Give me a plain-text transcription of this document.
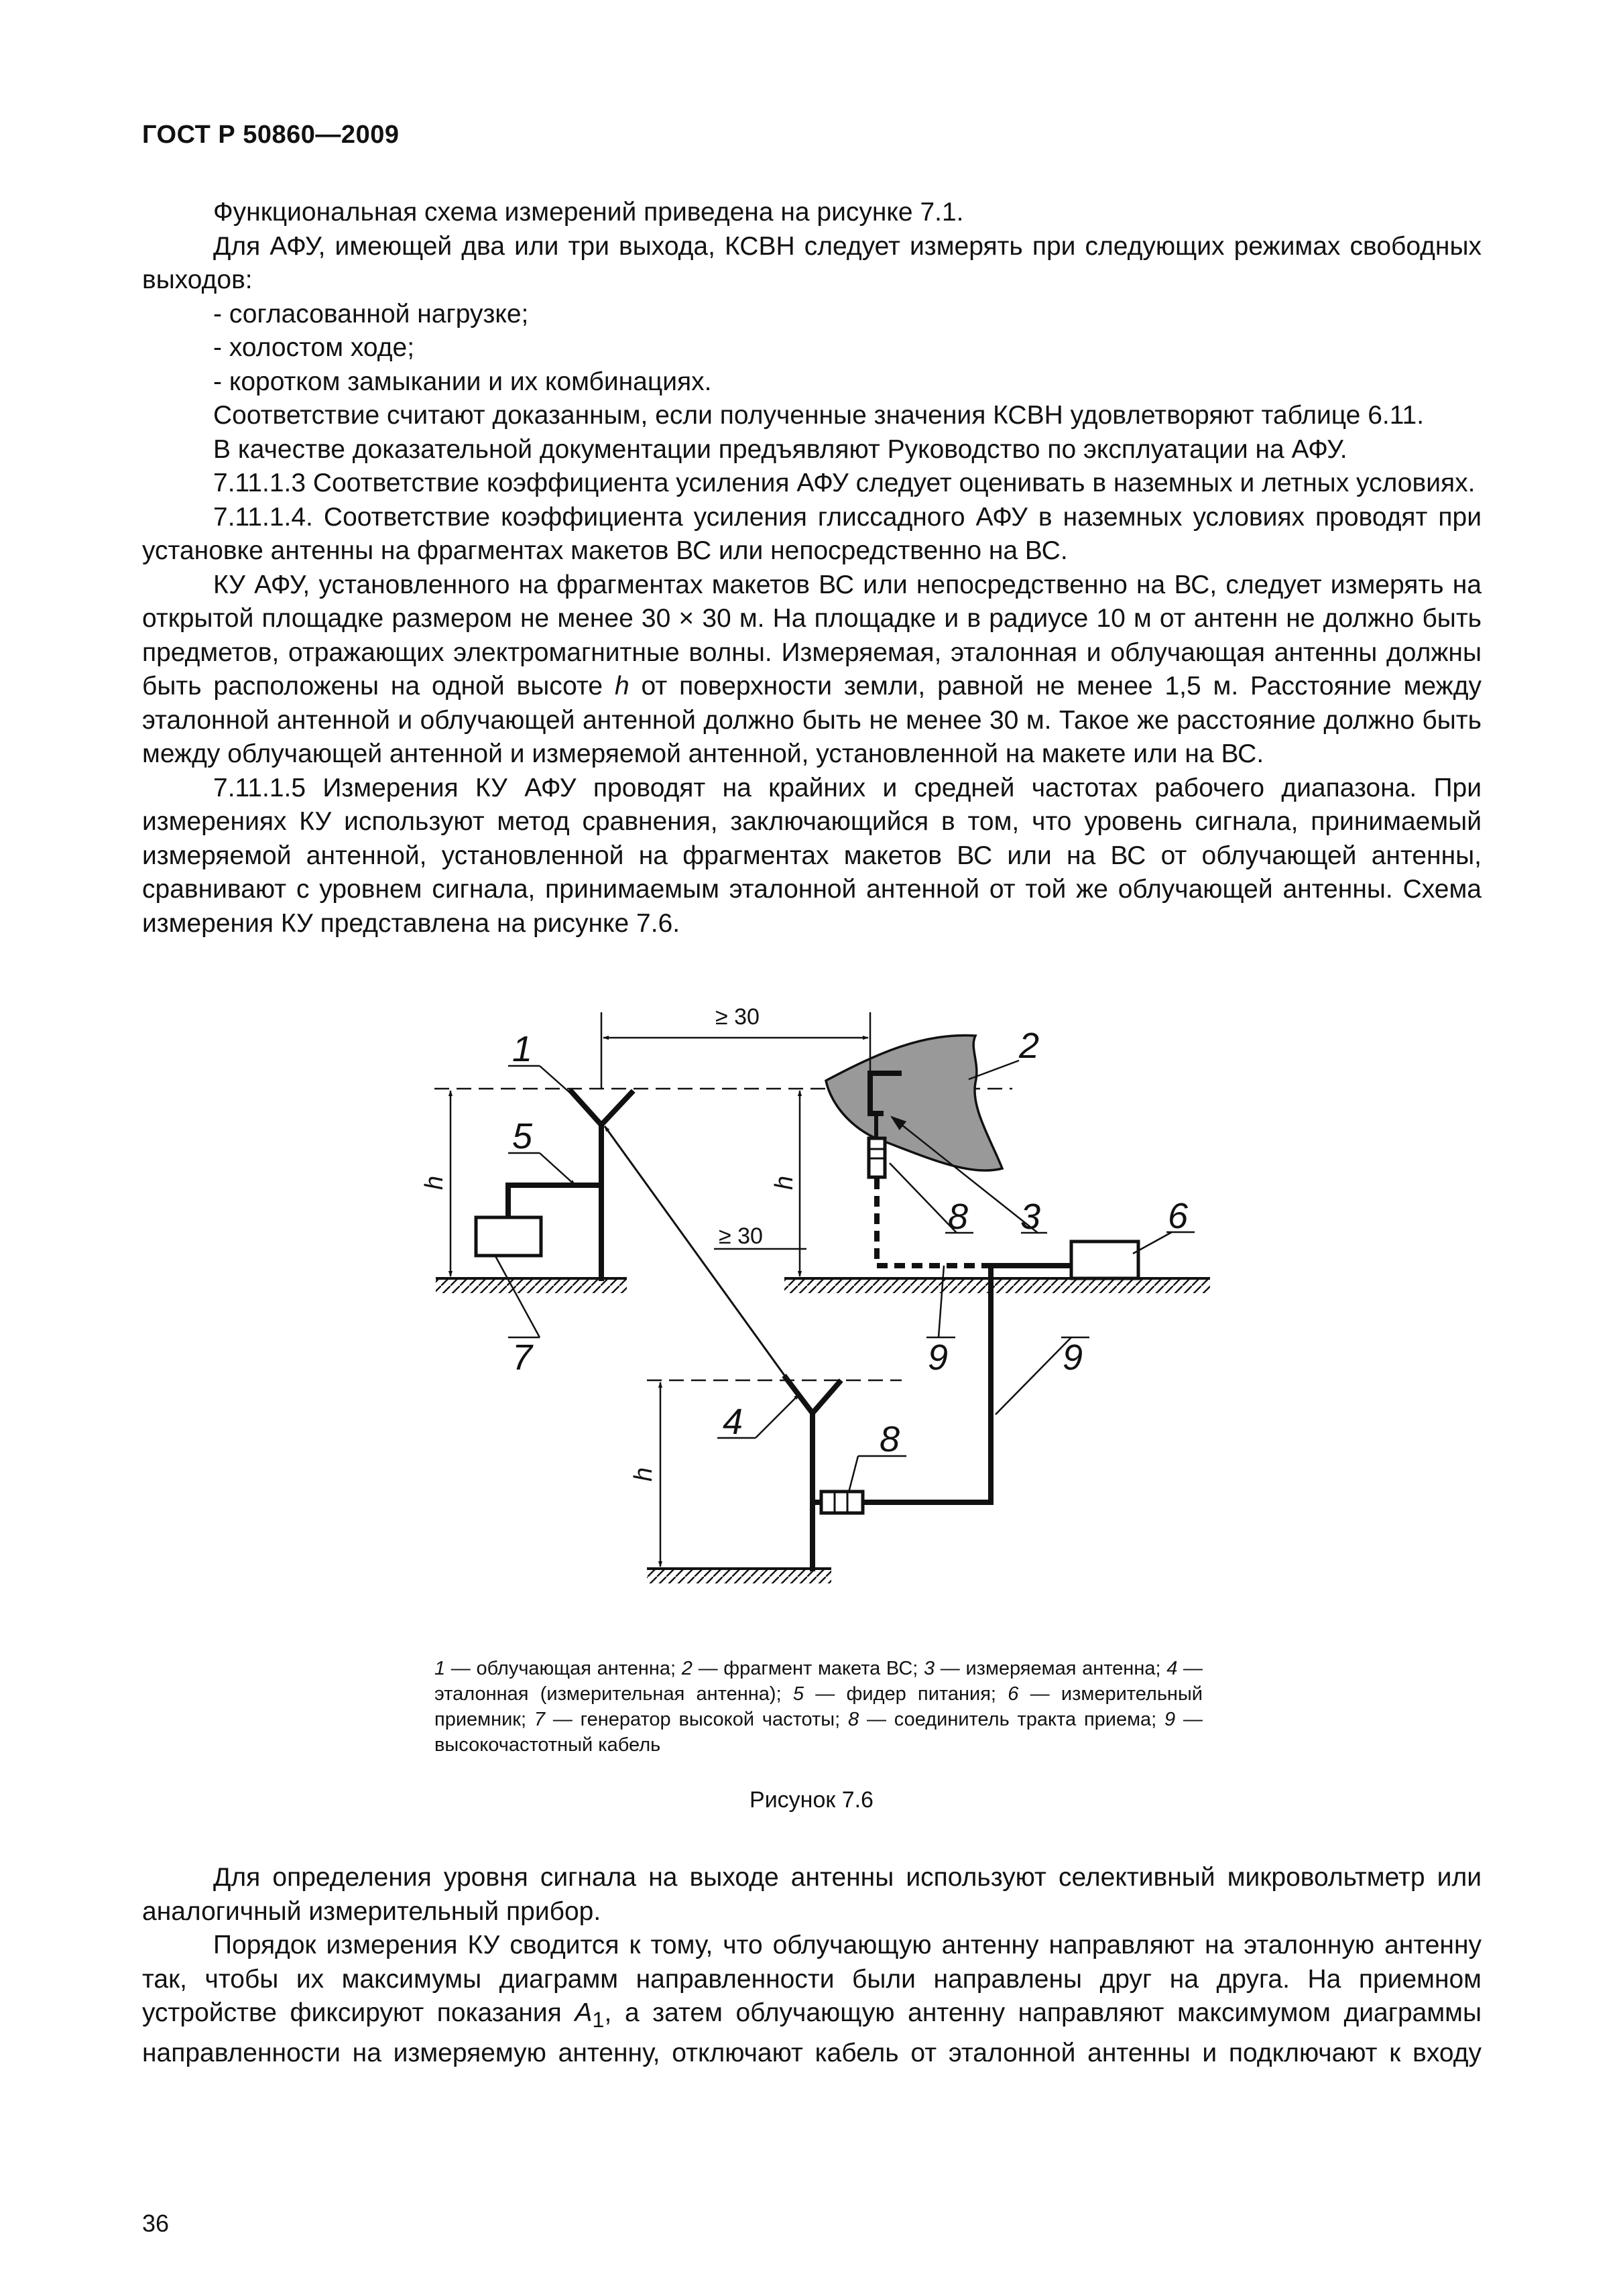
ГОСТ Р 50860—2009

Функциональная схема измерений приведена на рисунке 7.1.

Для АФУ, имеющей два или три выхода, КСВН следует измерять при следующих режимах свободных выходов:

- согласованной нагрузке;

- холостом ходе;

- коротком замыкании и их комбинациях.

Соответствие считают доказанным, если полученные значения КСВН удовлетворяют таблице 6.11.

В качестве доказательной документации предъявляют Руководство по эксплуатации на АФУ.

7.11.1.3 Соответствие коэффициента усиления АФУ следует оценивать в наземных и летных условиях.

7.11.1.4. Соответствие коэффициента усиления глиссадного АФУ в наземных условиях проводят при установке антенны на фрагментах макетов ВС или непосредственно на ВС.

КУ АФУ, установленного на фрагментах макетов ВС или непосредственно на ВС, следует измерять на открытой площадке размером не менее 30 × 30 м. На площадке и в радиусе 10 м от антенн не должно быть предметов, отражающих электромагнитные волны. Измеряемая, эталонная и облучающая антенны должны быть расположены на одной высоте h от поверхности земли, равной не менее 1,5 м. Расстояние между эталонной антенной и облучающей антенной должно быть не менее 30 м. Такое же расстояние должно быть между облучающей антенной и измеряемой антенной, установленной на макете или на ВС.

7.11.1.5 Измерения КУ АФУ проводят на крайних и средней частотах рабочего диапазона. При измерениях КУ используют метод сравнения, заключающийся в том, что уровень сигнала, принимаемый измеряемой антенной, установленной на фрагментах макетов ВС или на ВС от облучающей антенны, сравнивают с уровнем сигнала, принимаемым эталонной антенной от той же облучающей антенны. Схема измерения КУ представлена на рисунке 7.6.

≥ 30
≥ 30
h	h
h
1	2
3
4
5
6
7
8
8
9	9

1 — облучающая антенна; 2 — фрагмент макета ВС; 3 — измеряемая антенна; 4 — эталонная (измерительная антенна); 5 — фидер питания; 6 — измерительный приемник; 7 — генератор высокой частоты; 8 — соединитель тракта приема; 9 — высокочастотный кабель

Рисунок 7.6

Для определения уровня сигнала на выходе антенны используют селективный микровольтметр или аналогичный измерительный прибор.

Порядок измерения КУ сводится к тому, что облучающую антенну направляют на эталонную антенну так, чтобы их максимумы диаграмм направленности были направлены друг на друга. На приемном устройстве фиксируют показания $A_1$, а затем облучающую антенну направляют максимумом диаграммы направленности на измеряемую антенну, отключают кабель от эталонной антенны и подключают к входу

36
